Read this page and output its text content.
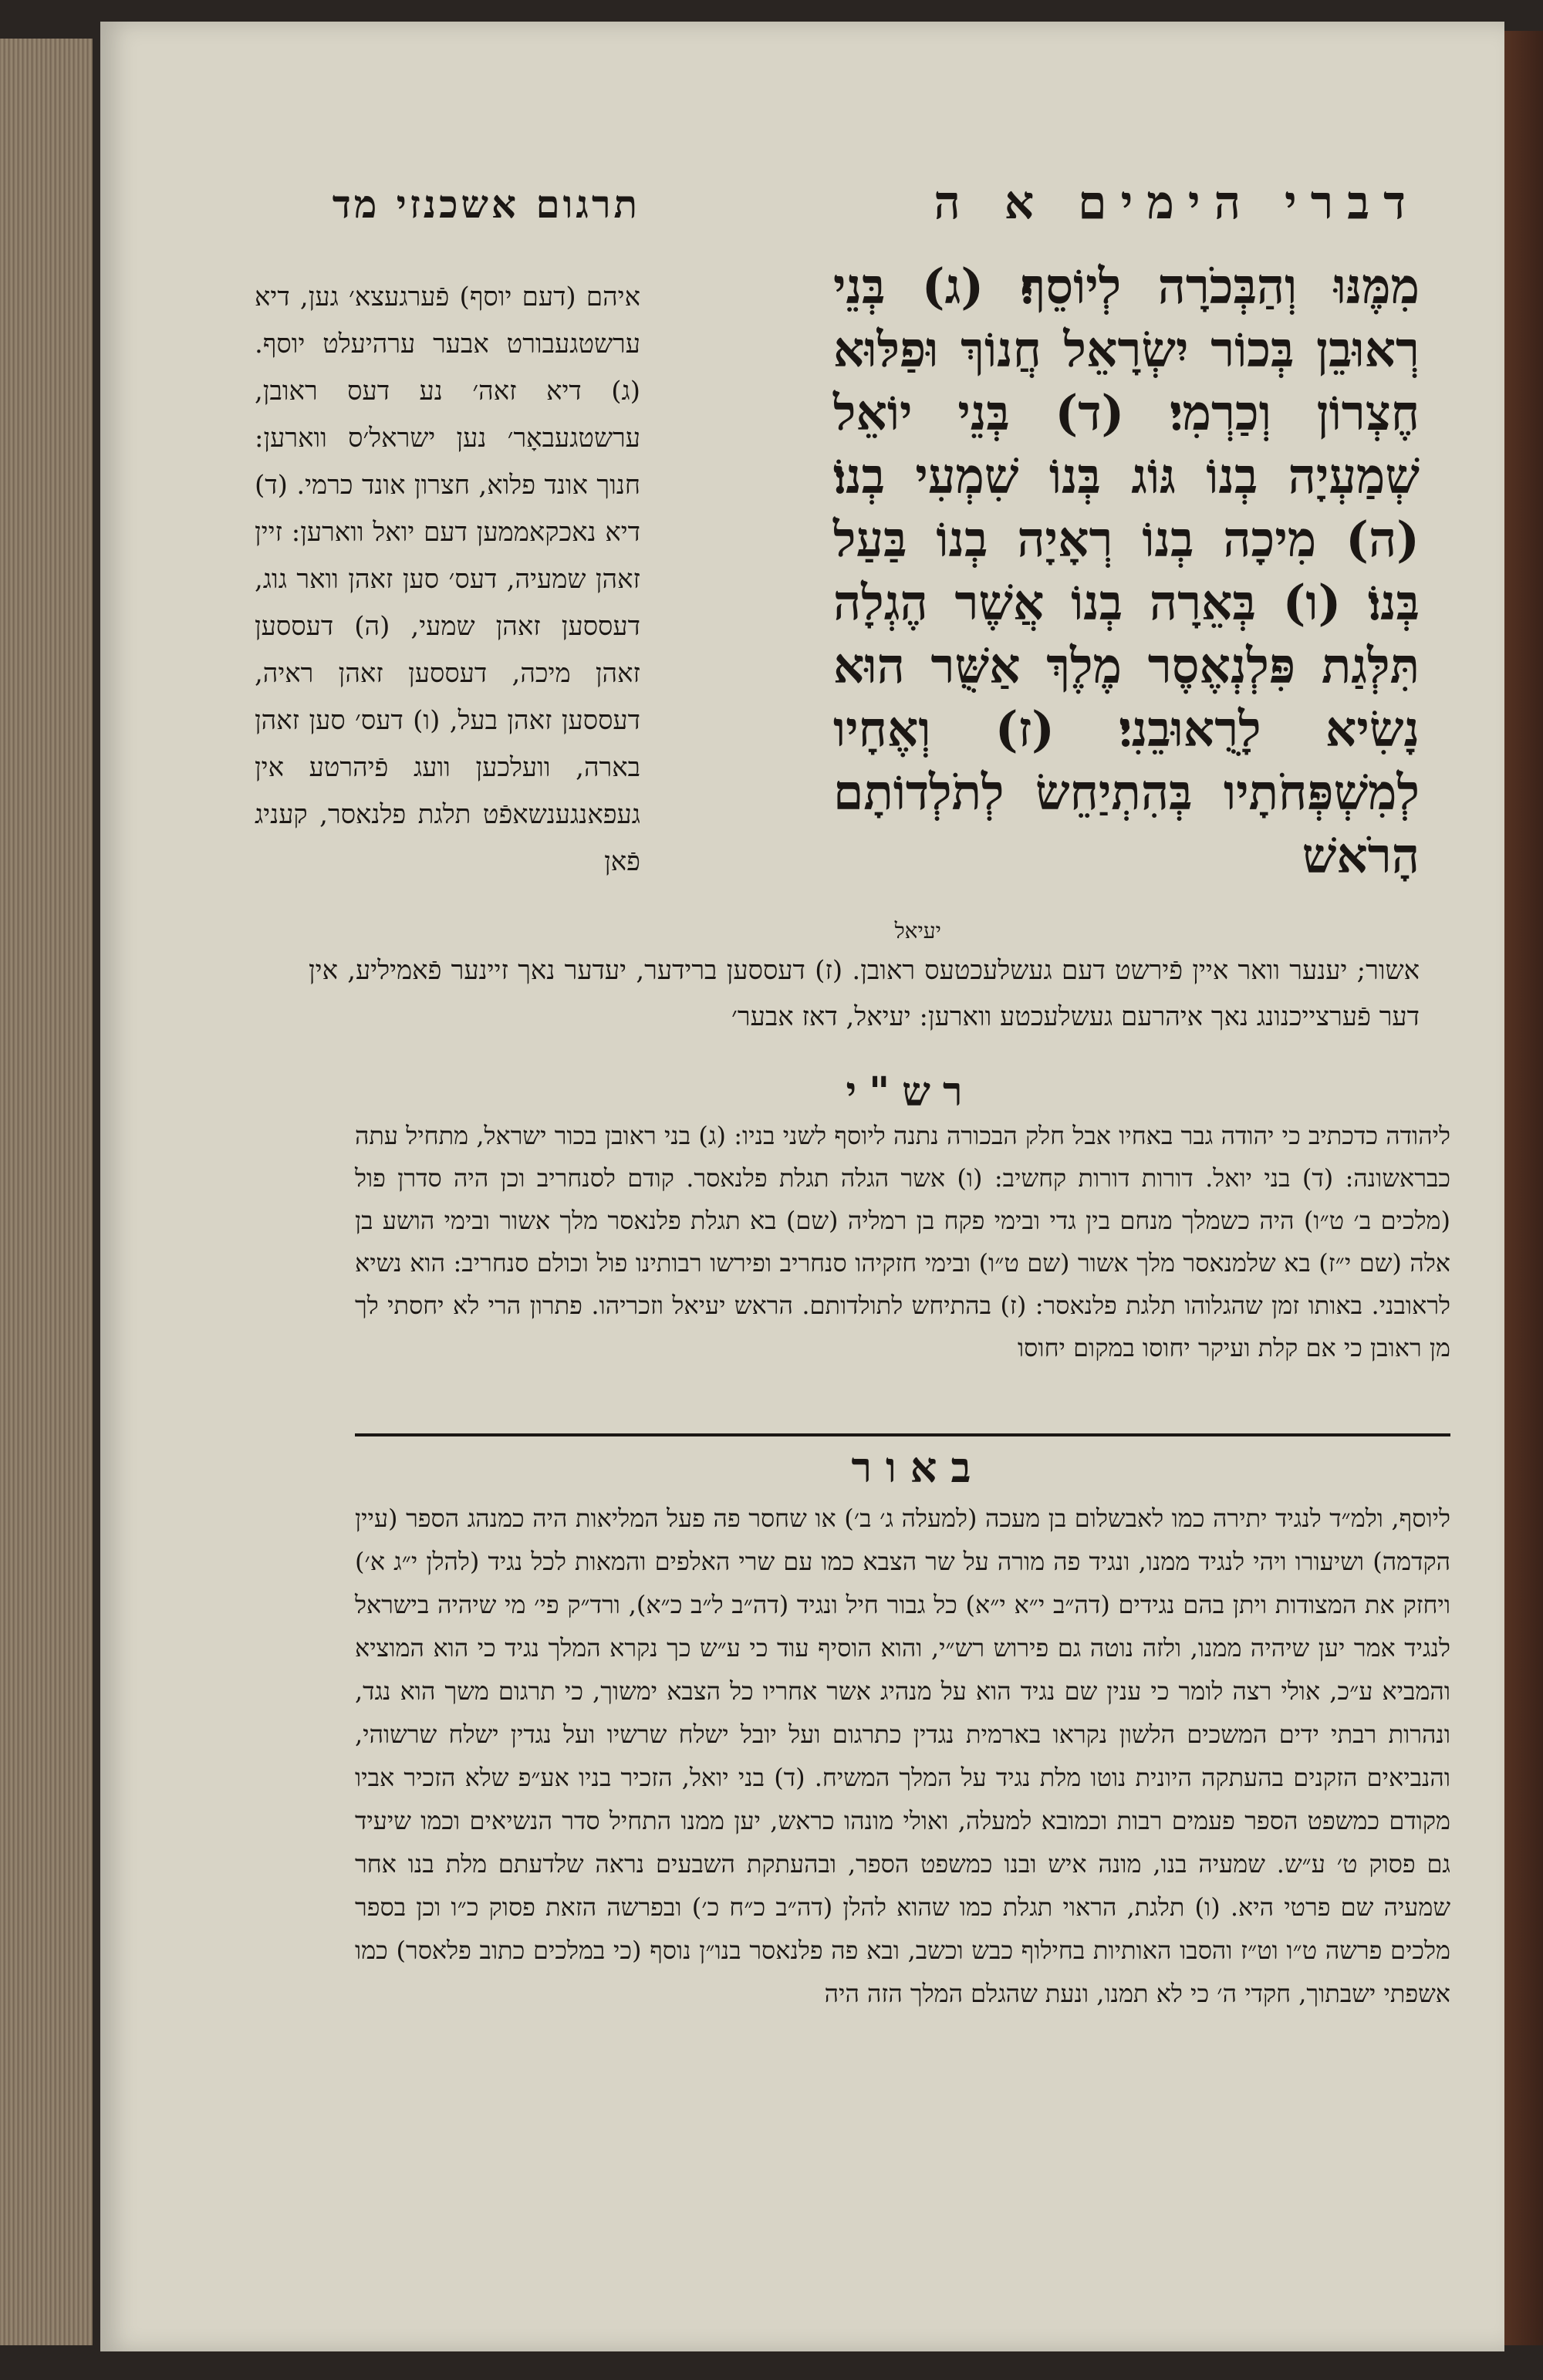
דברי הימים א ה
תרגום אשכנזי מד
מִמֶּנּוּ וְהַבְּכֹרָה לְיוֹסֵף׃ (ג) בְּנֵי רְאוּבֵן בְּכוֹר יִשְׂרָאֵל חֲנוֹךְ וּפַלּוּא חֶצְרוֹן וְכַרְמִי׃ (ד) בְּנֵי יוֹאֵל שְׁמַעְיָה בְנוֹ גּוֹג בְּנוֹ שִׁמְעִי בְנוֹ׃ (ה) מִיכָה בְנוֹ רְאָיָה בְנוֹ בַּעַל בְּנוֹ׃ (ו) בְּאֵרָה בְנוֹ אֲשֶׁר הֶגְלָה תִּלְּגַת פִּלְנְאֶסֶר מֶלֶךְ אַשֻּׁר הוּא נָשִׂיא לָרֻאוּבֵנִי׃ (ז) וְאֶחָיו לְמִשְׁפְּחֹתָיו בְּהִתְיַחֵשׂ לְתֹלְדוֹתָם הָרֹאשׁ
יעיאל
איהם (דעם יוסף) פֿערגעצא׳ גען, דיא ערשטגעבורט אבער ערהיעלט יוסף. (ג) דיא זאה׳ נע דעס ראובן, ערשטגעבאָר׳ נען ישראל׳ס ווארען: חנוך אונד פלוא, חצרון אונד כרמי. (ד) דיא נאכקאממען דעם יואל ווארען: זיין זאהן שמעיה, דעס׳ סען זאהן וואר גוג, דעססען זאהן שמעי, (ה) דעססען זאהן מיכה, דעססען זאהן ראיה, דעססען זאהן בעל, (ו) דעס׳ סען זאהן בארה, וועלכען וועג פֿיהרטע אין געפאנגענשאפֿט תלגת פלנאסר, קעניג פֿאן
אשור; יענער וואר איין פֿירשט דעם געשלעכטעס ראובן. (ז) דעססען ברידער, יעדער נאך זיינער פֿאמיליע, אין דער פֿערצייכנונג נאך איהרעם געשלעכטע ווארען: יעיאל, דאז אבער׳
רש"י
ליהודה כדכתיב כי יהודה גבר באחיו אבל חלק הבכורה נתנה ליוסף לשני בניו: (ג) בני ראובן בכור ישראל, מתחיל עתה כבראשונה: (ד) בני יואל. דורות דורות קחשיב: (ו) אשר הגלה תגלת פלנאסר. קודם לסנחריב וכן היה סדרן פול (מלכים ב׳ ט״ו) היה כשמלך מנחם בין גדי ובימי פקח בן רמליה (שם) בא תגלת פלנאסר מלך אשור ובימי הושע בן אלה (שם י״ז) בא שלמנאסר מלך אשור (שם ט״ו) ובימי חזקיהו סנחריב ופירשו רבותינו פול וכולם סנחריב: הוא נשיא לראובני. באותו זמן שהגלוהו תלגת פלנאסר: (ז) בהתיחש לתולדותם. הראש יעיאל וזכריהו. פתרון הרי לא יחסתי לך מן ראובן כי אם קלת ועיקר יחוסו במקום יחוסו
באור
ליוסף, ולמ״ד לנגיד יתירה כמו לאבשלום בן מעכה (למעלה ג׳ ב׳) או שחסר פה פעל המליאות היה כמנהג הספר (עיין הקדמה) ושיעורו ויהי לנגיד ממנו, ונגיד פה מורה על שר הצבא כמו עם שרי האלפים והמאות לכל נגיד (להלן י״ג א׳) ויחזק את המצודות ויתן בהם נגידים (דה״ב י״א י״א) כל גבור חיל ונגיד (דה״ב ל״ב כ״א), ורד״ק פי׳ מי שיהיה בישראל לנגיד אמר יען שיהיה ממנו, ולזה נוטה גם פירוש רש״י, והוא הוסיף עוד כי ע״ש כך נקרא המלך נגיד כי הוא המוציא והמביא ע״כ, אולי רצה לומר כי ענין שם נגיד הוא על מנהיג אשר אחריו כל הצבא ימשוך, כי תרגום משך הוא נגד, ונהרות רבתי ידים המשכים הלשון נקראו בארמית נגדין כתרגום ועל יובל ישלח שרשיו ועל נגדין ישלח שרשוהי, והנביאים הזקנים בהעתקה היונית נוטו מלת נגיד על המלך המשיח. (ד) בני יואל, הזכיר בניו אע״פ שלא הזכיר אביו מקודם כמשפט הספר פעמים רבות וכמובא למעלה, ואולי מונהו כראש, יען ממנו התחיל סדר הנשיאים וכמו שיעיד גם פסוק ט׳ ע״ש. שמעיה בנו, מונה איש ובנו כמשפט הספר, ובהעתקת השבעים נראה שלדעתם מלת בנו אחר שמעיה שם פרטי היא. (ו) תלגת, הראוי תגלת כמו שהוא להלן (דה״ב כ״ח כ׳) ובפרשה הזאת פסוק כ״ו וכן בספר מלכים פרשה ט״ו וט״ז והסבו האותיות בחילוף כבש וכשב, ובא פה פלנאסר בנו״ן נוסף (כי במלכים כתוב פלאסר) כמו אשפתי ישבתוך, חקדי ה׳ כי לא תמנו, ונעת שהגלם המלך הזה היה
